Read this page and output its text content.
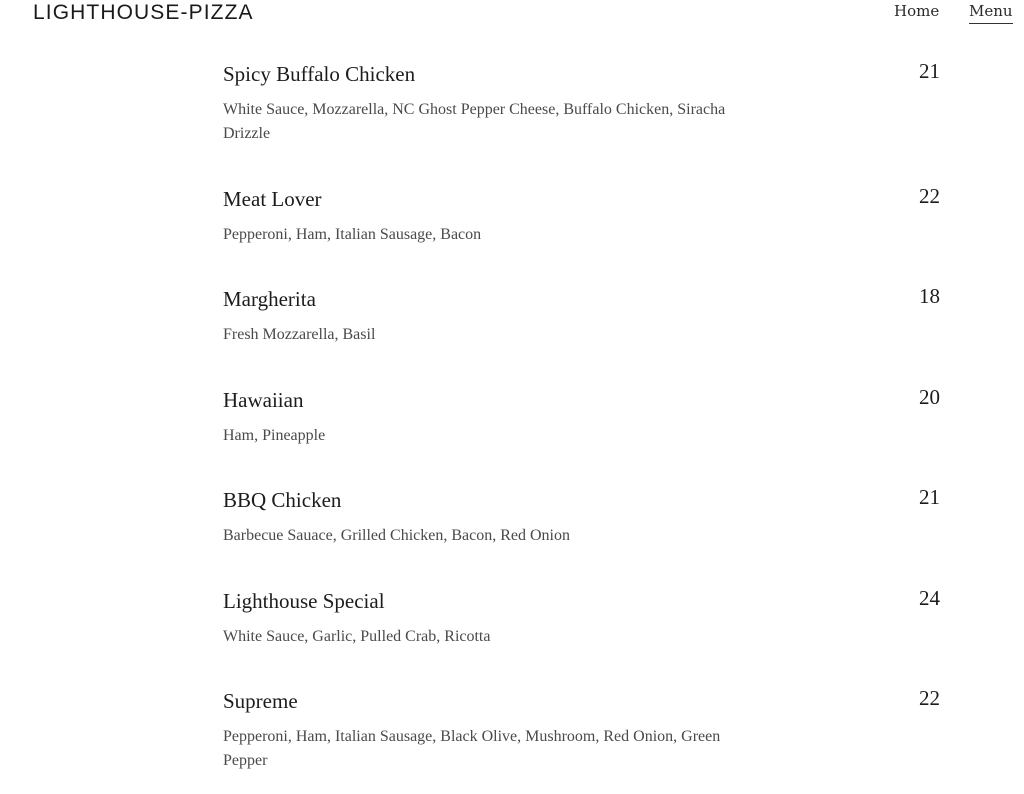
LIGHTHOUSE-PIZZA	Home Menu
Spicy Buffalo Chicken	21
White Sauce, Mozzarella, NC Ghost Pepper Cheese, Buffalo Chicken, Siracha Drizzle
Meat Lover	22
Pepperoni, Ham, Italian Sausage, Bacon
Margherita	18
Fresh Mozzarella, Basil
Hawaiian	20
Ham, Pineapple
BBQ Chicken	21
Barbecue Sauace, Grilled Chicken, Bacon, Red Onion
Lighthouse Special	24
White Sauce, Garlic, Pulled Crab, Ricotta
Supreme	22
Pepperoni, Ham, Italian Sausage, Black Olive, Mushroom, Red Onion, Green Pepper
